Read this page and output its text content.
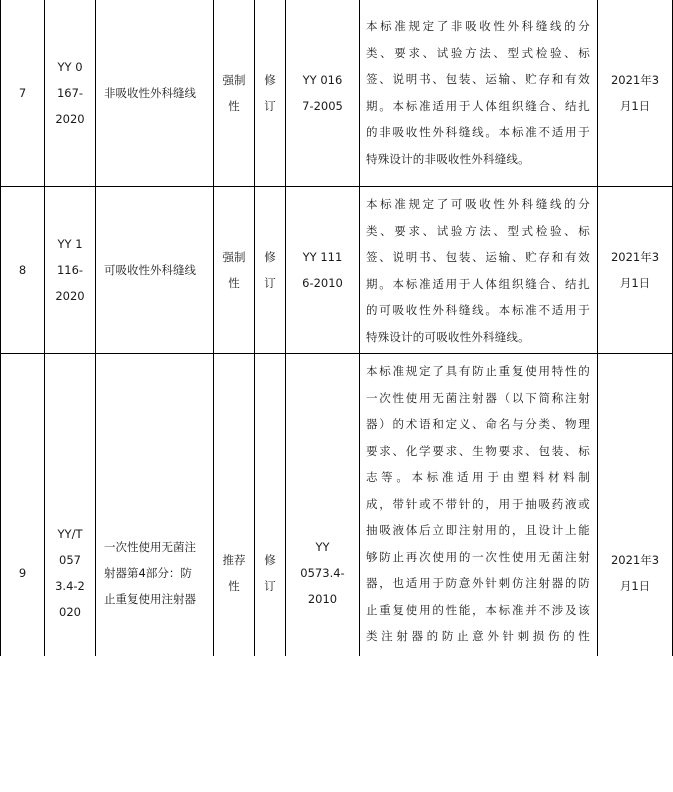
7
YY 0
167-
2020
非吸收性外科缝线
强制
性
修
订
YY 016
7-2005
本标准规定了非吸收性外科缝线的分
类、要求、试验方法、型式检验、标
签、说明书、包装、运输、贮存和有效
期。本标准适用于人体组织缝合、结扎
的非吸收性外科缝线。本标准不适用于
特殊设计的非吸收性外科缝线。
2021年3
月1日
8
YY 1
116-
2020
可吸收性外科缝线
强制
性
修
订
YY 111
6-2010
本标准规定了可吸收性外科缝线的分
类、要求、试验方法、型式检验、标
签、说明书、包装、运输、贮存和有效
期。本标准适用于人体组织缝合、结扎
的可吸收性外科缝线。本标准不适用于
特殊设计的可吸收性外科缝线。
2021年3
月1日
9
YY/T
057
3.4-2
020
一次性使用无菌注
射器第4部分：防
止重复使用注射器
推荐
性
修
订
YY
0573.4-
2010
本标准规定了具有防止重复使用特性的
一次性使用无菌注射器（以下简称注射
器）的术语和定义、命名与分类、物理
要求、化学要求、生物要求、包装、标
志等。本标准适用于由塑料材料制
成，带针或不带针的，用于抽吸药液或
抽吸液体后立即注射用的，且设计上能
够防止再次使用的一次性使用无菌注射
器，也适用于防意外针刺仿注射器的防
止重复使用的性能，本标准并不涉及该
类注射器的防止意外针刺损伤的性
2021年3
月1日
